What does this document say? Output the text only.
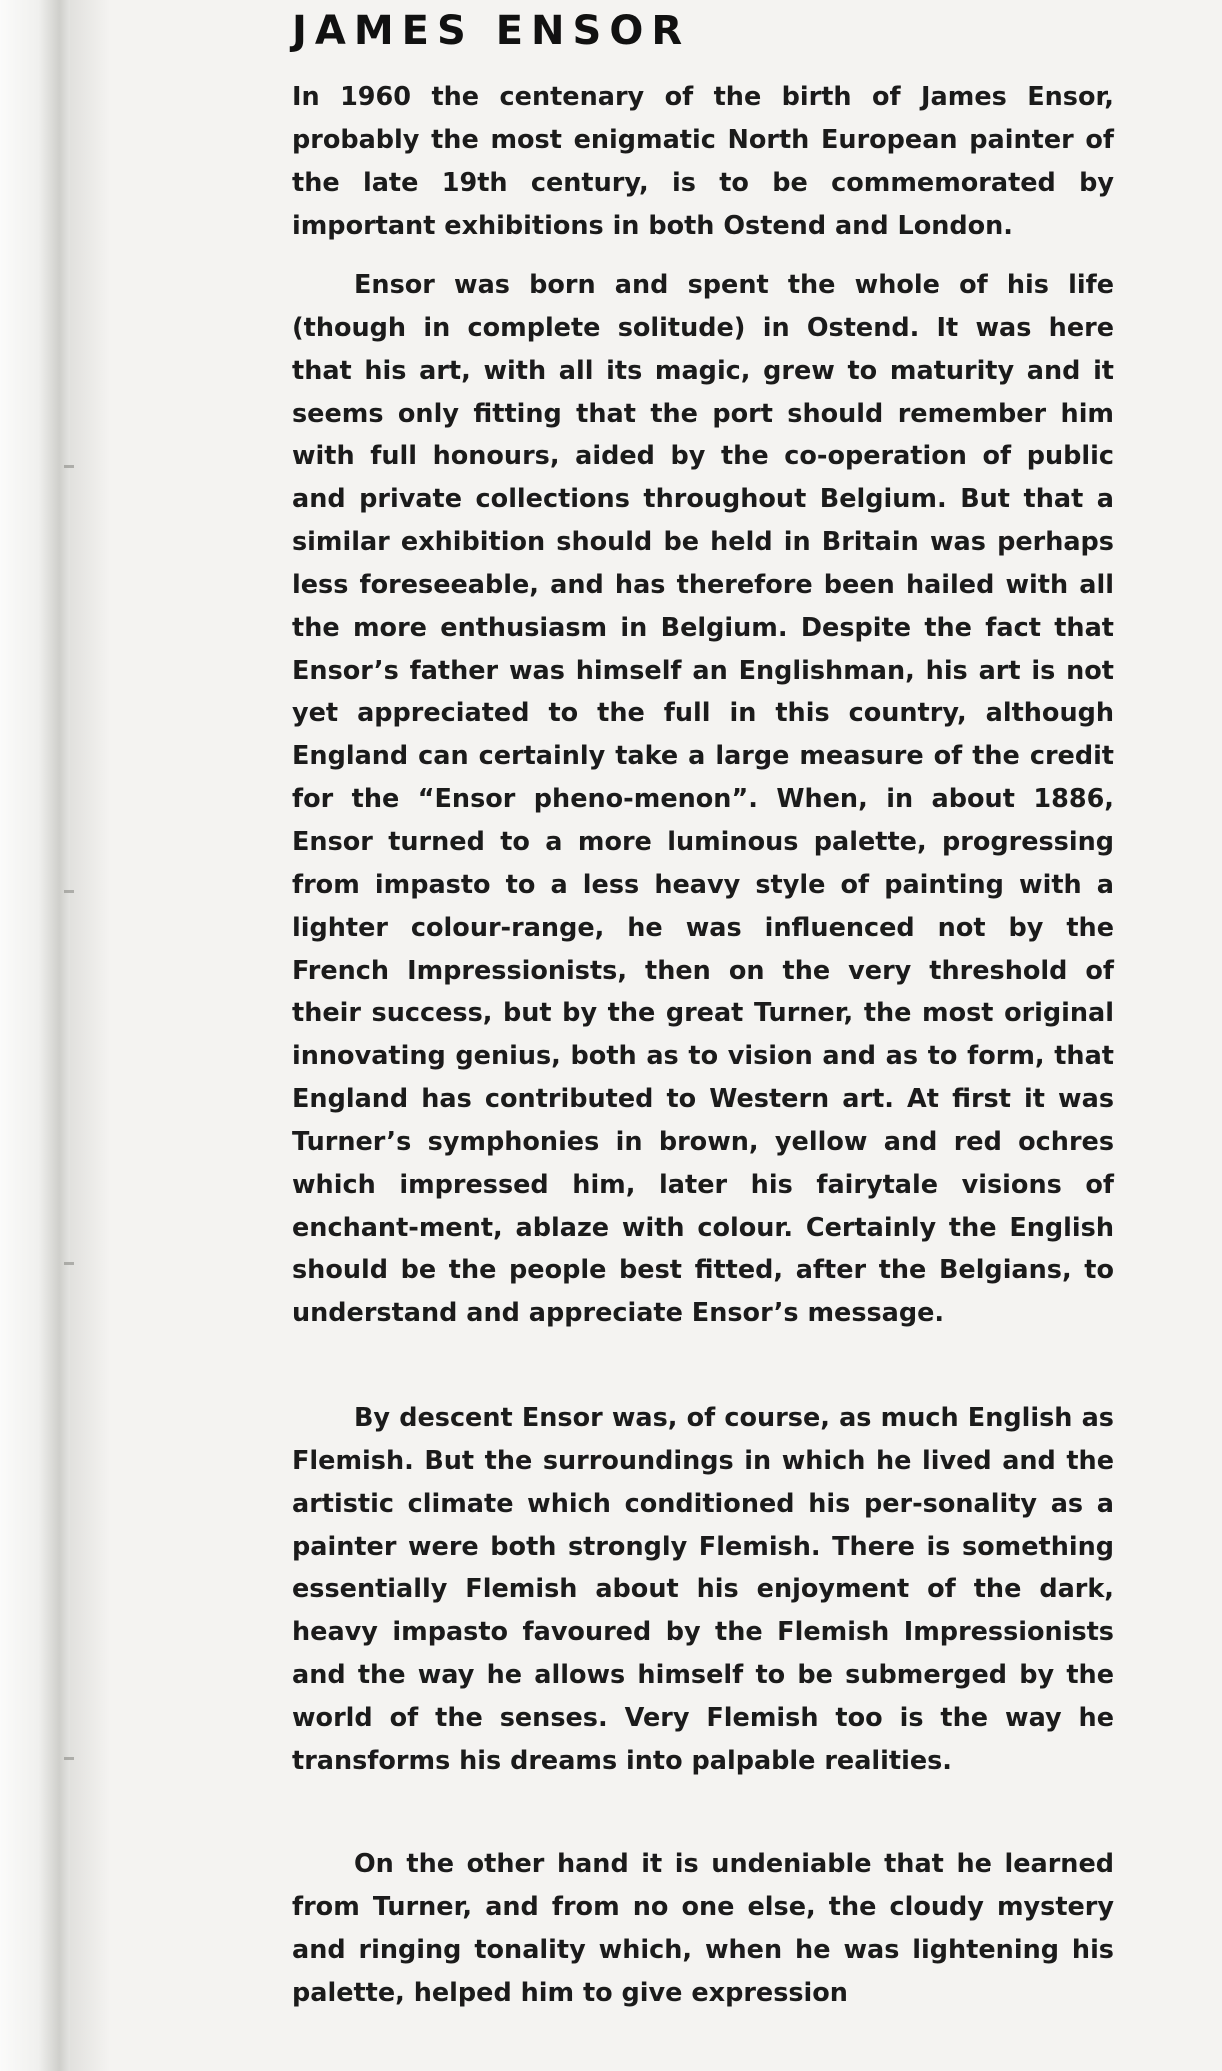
JAMES ENSOR

In 1960 the centenary of the birth of James Ensor, probably the most enigmatic North European painter of the late 19th century, is to be commemorated by important exhibitions in both Ostend and London.

Ensor was born and spent the whole of his life (though in complete solitude) in Ostend. It was here that his art, with all its magic, grew to maturity and it seems only fitting that the port should remember him with full honours, aided by the co-operation of public and private collections throughout Belgium. But that a similar exhibition should be held in Britain was perhaps less foreseeable, and has therefore been hailed with all the more enthusiasm in Belgium. Despite the fact that Ensor’s father was himself an Englishman, his art is not yet appreciated to the full in this country, although England can certainly take a large measure of the credit for the “Ensor pheno-menon”. When, in about 1886, Ensor turned to a more luminous palette, progressing from impasto to a less heavy style of painting with a lighter colour-range, he was influenced not by the French Impressionists, then on the very threshold of their success, but by the great Turner, the most original innovating genius, both as to vision and as to form, that England has contributed to Western art. At first it was Turner’s symphonies in brown, yellow and red ochres which impressed him, later his fairytale visions of enchant-ment, ablaze with colour. Certainly the English should be the people best fitted, after the Belgians, to understand and appreciate Ensor’s message.

By descent Ensor was, of course, as much English as Flemish. But the surroundings in which he lived and the artistic climate which conditioned his per-sonality as a painter were both strongly Flemish. There is something essentially Flemish about his enjoyment of the dark, heavy impasto favoured by the Flemish Impressionists and the way he allows himself to be submerged by the world of the senses. Very Flemish too is the way he transforms his dreams into palpable realities.

On the other hand it is undeniable that he learned from Turner, and from no one else, the cloudy mystery and ringing tonality which, when he was lightening his palette, helped him to give expression
